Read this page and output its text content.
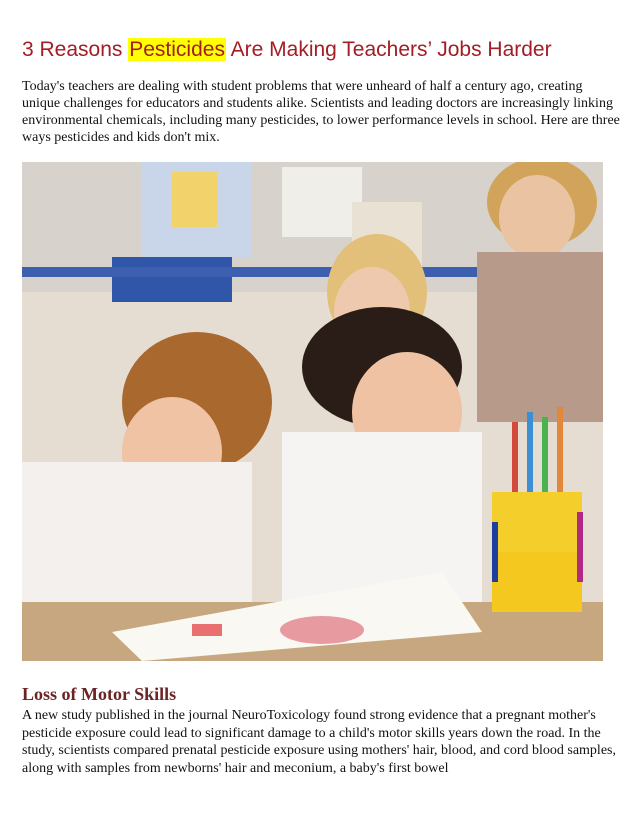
3 Reasons Pesticides Are Making Teachers’ Jobs Harder

Today's teachers are dealing with student problems that were unheard of half a century ago, creating unique challenges for educators and students alike. Scientists and leading doctors are increasingly linking environmental chemicals, including many pesticides, to lower performance levels in school. Here are three ways pesticides and kids don't mix.

Loss of Motor Skills

A new study published in the journal NeuroToxicology found strong evidence that a pregnant mother's pesticide exposure could lead to significant damage to a child's motor skills years down the road. In the study, scientists compared prenatal pesticide exposure using mothers' hair, blood, and cord blood samples, along with samples from newborns' hair and meconium, a baby's first bowel
